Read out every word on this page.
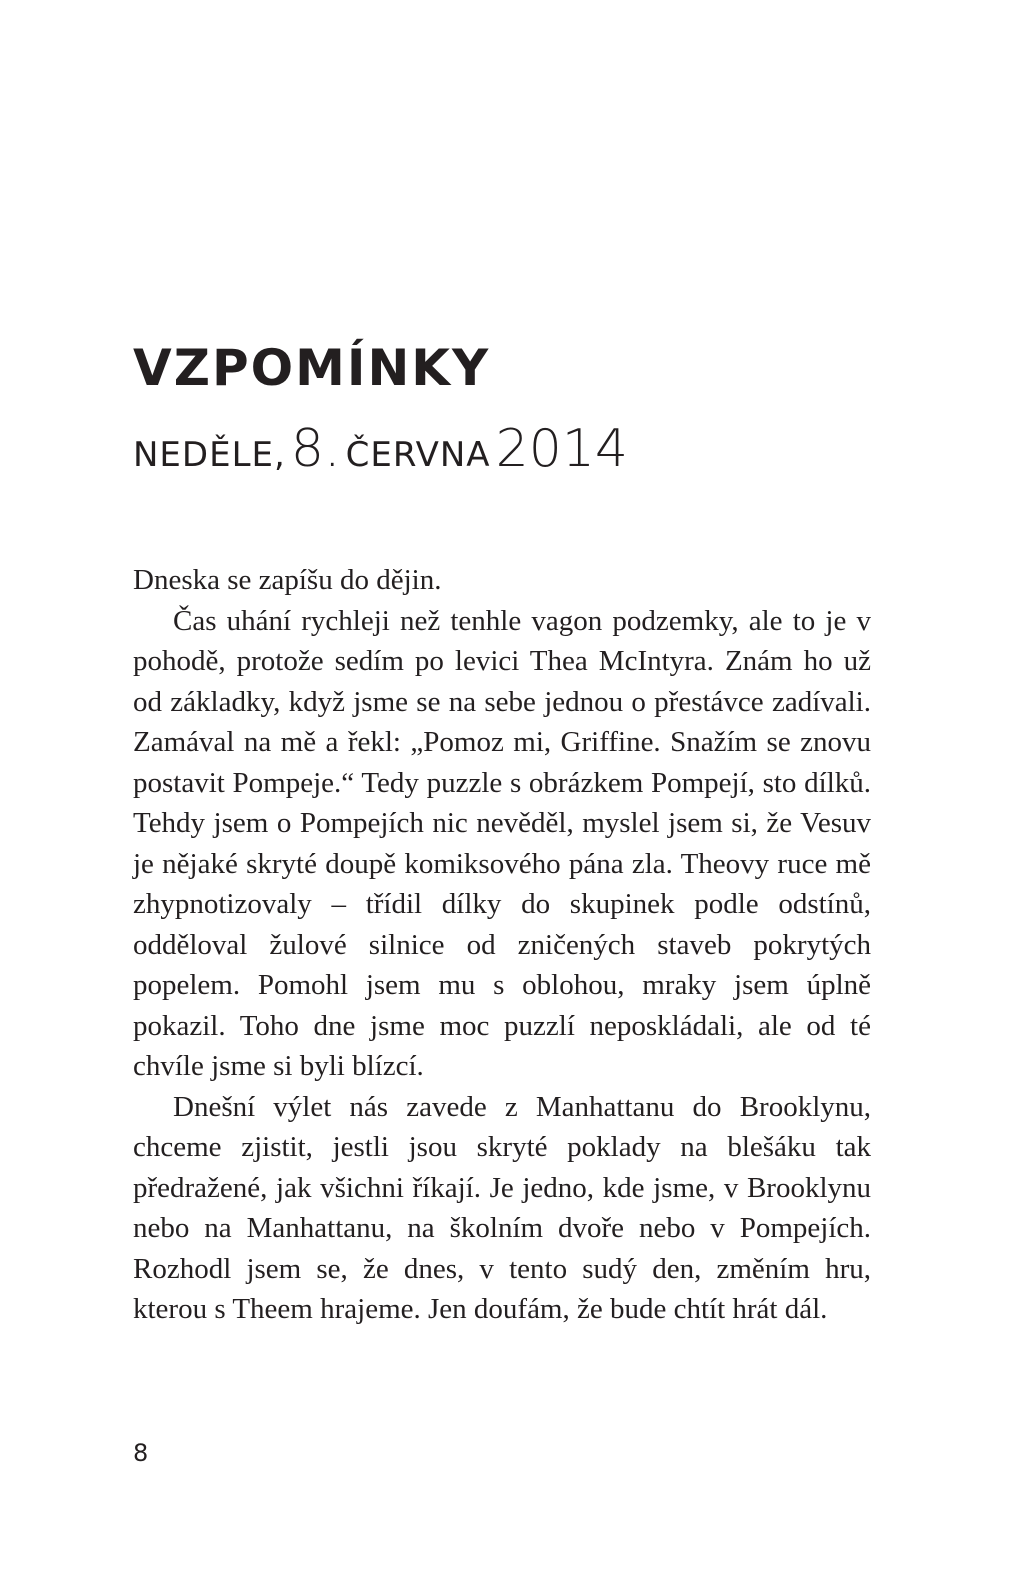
VZPOMÍNKY
NEDĚLE, 8. ČERVNA 2014

Dneska se zapíšu do dějin.

Čas uhání rychleji než tenhle vagon podzemky, ale to je v pohodě, protože sedím po levici Thea McIntyra. Znám ho už od základky, když jsme se na sebe jednou o přestávce zadívali. Zamával na mě a řekl: „Pomoz mi, Griffine. Snažím se znovu postavit Pompeje.“ Tedy puzzle s obrázkem Pompejí, sto dílků. Tehdy jsem o Pompejích nic nevěděl, myslel jsem si, že Vesuv je nějaké skryté doupě komiksového pána zla. Theovy ruce mě zhypnotizovaly – třídil dílky do skupinek podle odstínů, odděloval žulové silnice od zničených staveb pokrytých popelem. Pomohl jsem mu s oblohou, mraky jsem úplně pokazil. Toho dne jsme moc puzzlí neposkládali, ale od té chvíle jsme si byli blízcí.

Dnešní výlet nás zavede z Manhattanu do Brooklynu, chceme zjistit, jestli jsou skryté poklady na blešáku tak předražené, jak všichni říkají. Je jedno, kde jsme, v Brooklynu nebo na Manhattanu, na školním dvoře nebo v Pompejích. Rozhodl jsem se, že dnes, v tento sudý den, změním hru, kterou s Theem hrajeme. Jen doufám, že bude chtít hrát dál.

8
